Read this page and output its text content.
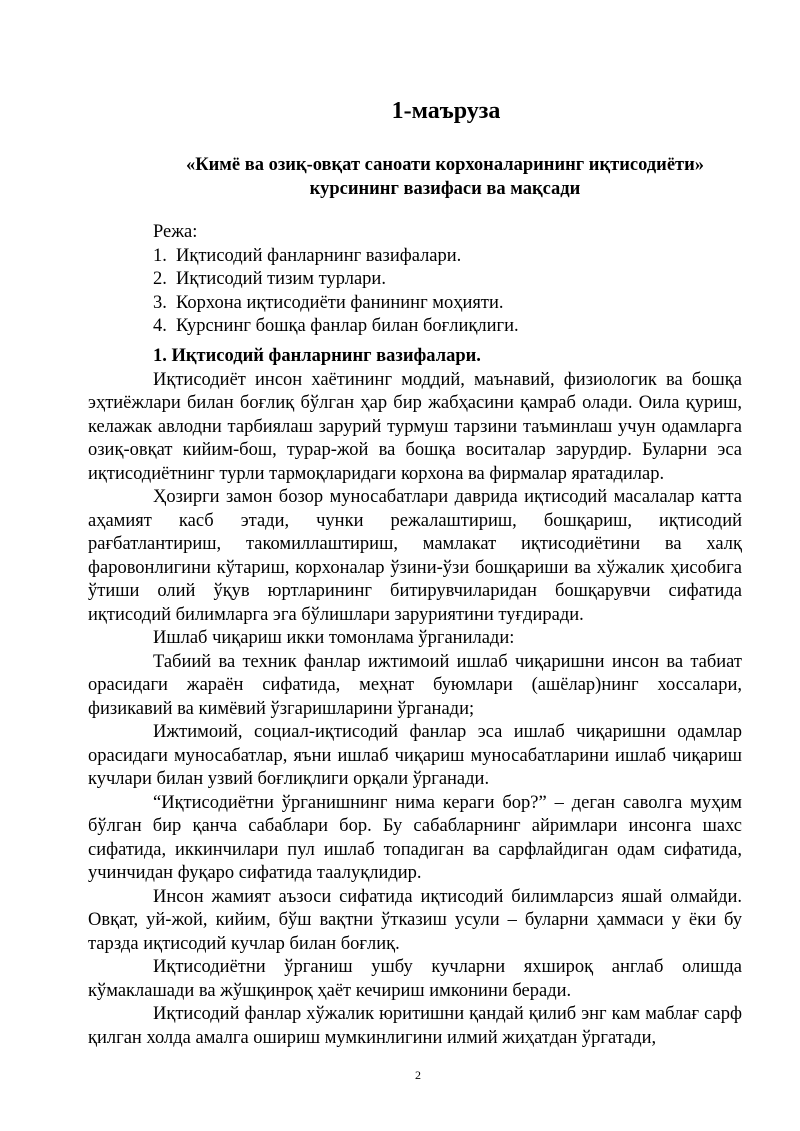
1-маъруза
«Кимё ва озиқ-овқат саноати корхоналарининг иқтисодиёти» курсининг вазифаси ва мақсади
Режа:
1. Иқтисодий фанларнинг вазифалари.
2. Иқтисодий тизим турлари.
3. Корхона иқтисодиёти фанининг моҳияти.
4. Курснинг бошқа фанлар билан боғлиқлиги.

1. Иқтисодий фанларнинг вазифалари.

Иқтисодиёт инсон хаётининг моддий, маънавий, физиологик ва бошқа эҳтиёжлари билан боғлиқ бўлган ҳар бир жабҳасини қамраб олади. Оила қуриш, келажак авлодни тарбиялаш зарурий турмуш тарзини таъминлаш учун одамларга озиқ-овқат кийим-бош, турар-жой ва бошқа воситалар зарурдир. Буларни эса иқтисодиётнинг турли тармоқларидаги корхона ва фирмалар яратадилар.

Ҳозирги замон бозор муносабатлари даврида иқтисодий масалалар катта аҳамият касб этади, чунки режалаштириш, бошқариш, иқтисодий рағбатлантириш, такомиллаштириш, мамлакат иқтисодиётини ва халқ фаровонлигини кўтариш, корхоналар ўзини-ўзи бошқариши ва хўжалик ҳисобига ўтиши олий ўқув юртларининг битирувчиларидан бошқарувчи сифатида иқтисодий билимларга эга бўлишлари заруриятини туғдиради.

Ишлаб чиқариш икки томонлама ўрганилади:

Табиий ва техник фанлар ижтимоий ишлаб чиқаришни инсон ва табиат орасидаги жараён сифатида, меҳнат буюмлари (ашёлар)нинг хоссалари, физикавий ва кимёвий ўзгаришларини ўрганади;

Ижтимоий, социал-иқтисодий фанлар эса ишлаб чиқаришни одамлар орасидаги муносабатлар, яъни ишлаб чиқариш муносабатларини ишлаб чиқариш кучлари билан узвий боғлиқлиги орқали ўрганади.

“Иқтисодиётни ўрганишнинг нима кераги бор?” – деган саволга муҳим бўлган бир қанча сабаблари бор. Бу сабабларнинг айримлари инсонга шахс сифатида, иккинчилари пул ишлаб топадиган ва сарфлайдиган одам сифатида, учинчидан фуқаро сифатида таалуқлидир.

Инсон жамият аъзоси сифатида иқтисодий билимларсиз яшай олмайди. Овқат, уй-жой, кийим, бўш вақтни ўтказиш усули – буларни ҳаммаси у ёки бу тарзда иқтисодий кучлар билан боғлиқ.

Иқтисодиётни ўрганиш ушбу кучларни яхшироқ англаб олишда кўмаклашади ва жўшқинроқ ҳаёт кечириш имконини беради.

Иқтисодий фанлар хўжалик юритишни қандай қилиб энг кам маблағ сарф қилган холда амалга ошириш мумкинлигини илмий жиҳатдан ўргатади,

2
